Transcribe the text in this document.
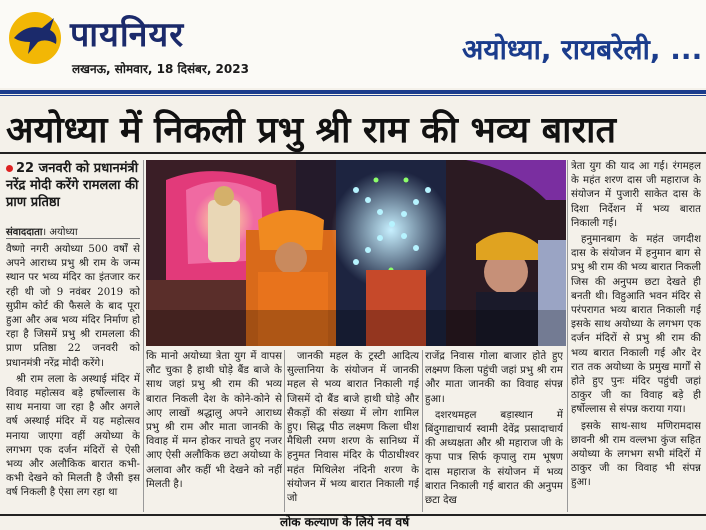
पायनियर
लखनऊ, सोमवार, 18 दिसंबर, 2023
अयोध्या, रायबरेली, ...
अयोध्या में निकली प्रभु श्री राम की भव्य बारात
22 जनवरी को प्रधानमंत्री नरेंद्र मोदी करेंगे रामलला की प्राण प्रतिष्ठा
संवाददाता। अयोध्या

वैष्णो नगरी अयोध्या 500 वर्षों से अपने आराध्य प्रभु श्री राम के जन्म स्थान पर भव्य मंदिर का इंतजार कर रही थी जो 9 नवंबर 2019 को सुप्रीम कोर्ट की फैसले के बाद पूरा हुआ और अब भव्य मंदिर निर्माण हो रहा है जिसमें प्रभु श्री रामलला की प्राण प्रतिष्ठा 22 जनवरी को प्रधानमंत्री नरेंद्र मोदी करेंगे।

श्री राम लला के अस्थाई मंदिर में विवाह महोत्सव बड़े हर्षोल्लास के साथ मनाया जा रहा है और अगले वर्ष अस्थाई मंदिर में यह महोत्सव मनाया जाएगा वहीं अयोध्या के लगभग एक दर्जन मंदिरों से ऐसी भव्य और अलौकिक बारात कभी-कभी देखने को मिलती है जैसी इस वर्ष निकली है ऐसा लग रहा था

कि मानो अयोध्या त्रेता युग में वापस लौट चुका है हाथी घोड़े बैंड बाजे के साथ जहां प्रभु श्री राम की भव्य बारात निकली देश के कोने-कोने से आए लाखों श्रद्धालु अपने आराध्य प्रभु श्री राम और माता जानकी के विवाह में मग्न होकर नाचते हुए नजर आए ऐसी अलौकिक छटा अयोध्या के अलावा और कहीं भी देखने को नहीं मिलती है।

जानकी महल के ट्रस्टी आदित्य सुल्तानिया के संयोजन में जानकी महल से भव्य बारात निकाली गई जिसमें दो बैंड बाजे हाथी घोड़े और सैकड़ों की संख्या में लोग शामिल हुए। सिद्ध पीठ लक्ष्मण किला धीश मैथिली रमण शरण के सानिध्य में हनुमत निवास मंदिर के पीठाधीश्वर महंत मिथिलेश नंदिनी शरण के संयोजन में भव्य बारात निकाली गई जो

राजेंद्र निवास गोला बाजार होते हुए लक्ष्मण किला पहुंची जहां प्रभु श्री राम और माता जानकी का विवाह संपन्न हुआ।

दशरथमहल बड़ास्थान में बिंदुगाद्याचार्य स्वामी देवेंद्र प्रसादाचार्य की अध्यक्षता और श्री महाराज जी के कृपा पात्र सिर्फ कृपालु राम भूषण दास महाराज के संयोजन में भव्य बारात निकाली गई बारात की अनुपम छटा देख

त्रेता युग की याद आ गई। रंगमहल के महंत शरण दास जी महाराज के संयोजन में पुजारी साकेत दास के दिशा निर्देशन में भव्य बारात निकाली गई।

हनुमानबाग के महंत जगदीश दास के संयोजन में हनुमान बाग से प्रभु श्री राम की भव्य बारात निकली जिस की अनुपम छटा देखते ही बनती थी। विहुआति भवन मंदिर से परंपरागत भव्य बारात निकाली गई इसके साथ अयोध्या के लगभग एक दर्जन मंदिरों से प्रभु श्री राम की भव्य बारात निकाली गई और देर रात तक अयोध्या के प्रमुख मार्गों से होते हुए पुनः मंदिर पहुंची जहां ठाकुर जी का विवाह बड़े ही हर्षोल्लास से संपन्न कराया गया।

इसके साथ-साथ मणिरामदास छावनी श्री राम वल्लभा कुंज सहित अयोध्या के लगभग सभी मंदिरों में ठाकुर जी का विवाह भी संपन्न हुआ।

लोक कल्याण के लिये नव वर्ष
